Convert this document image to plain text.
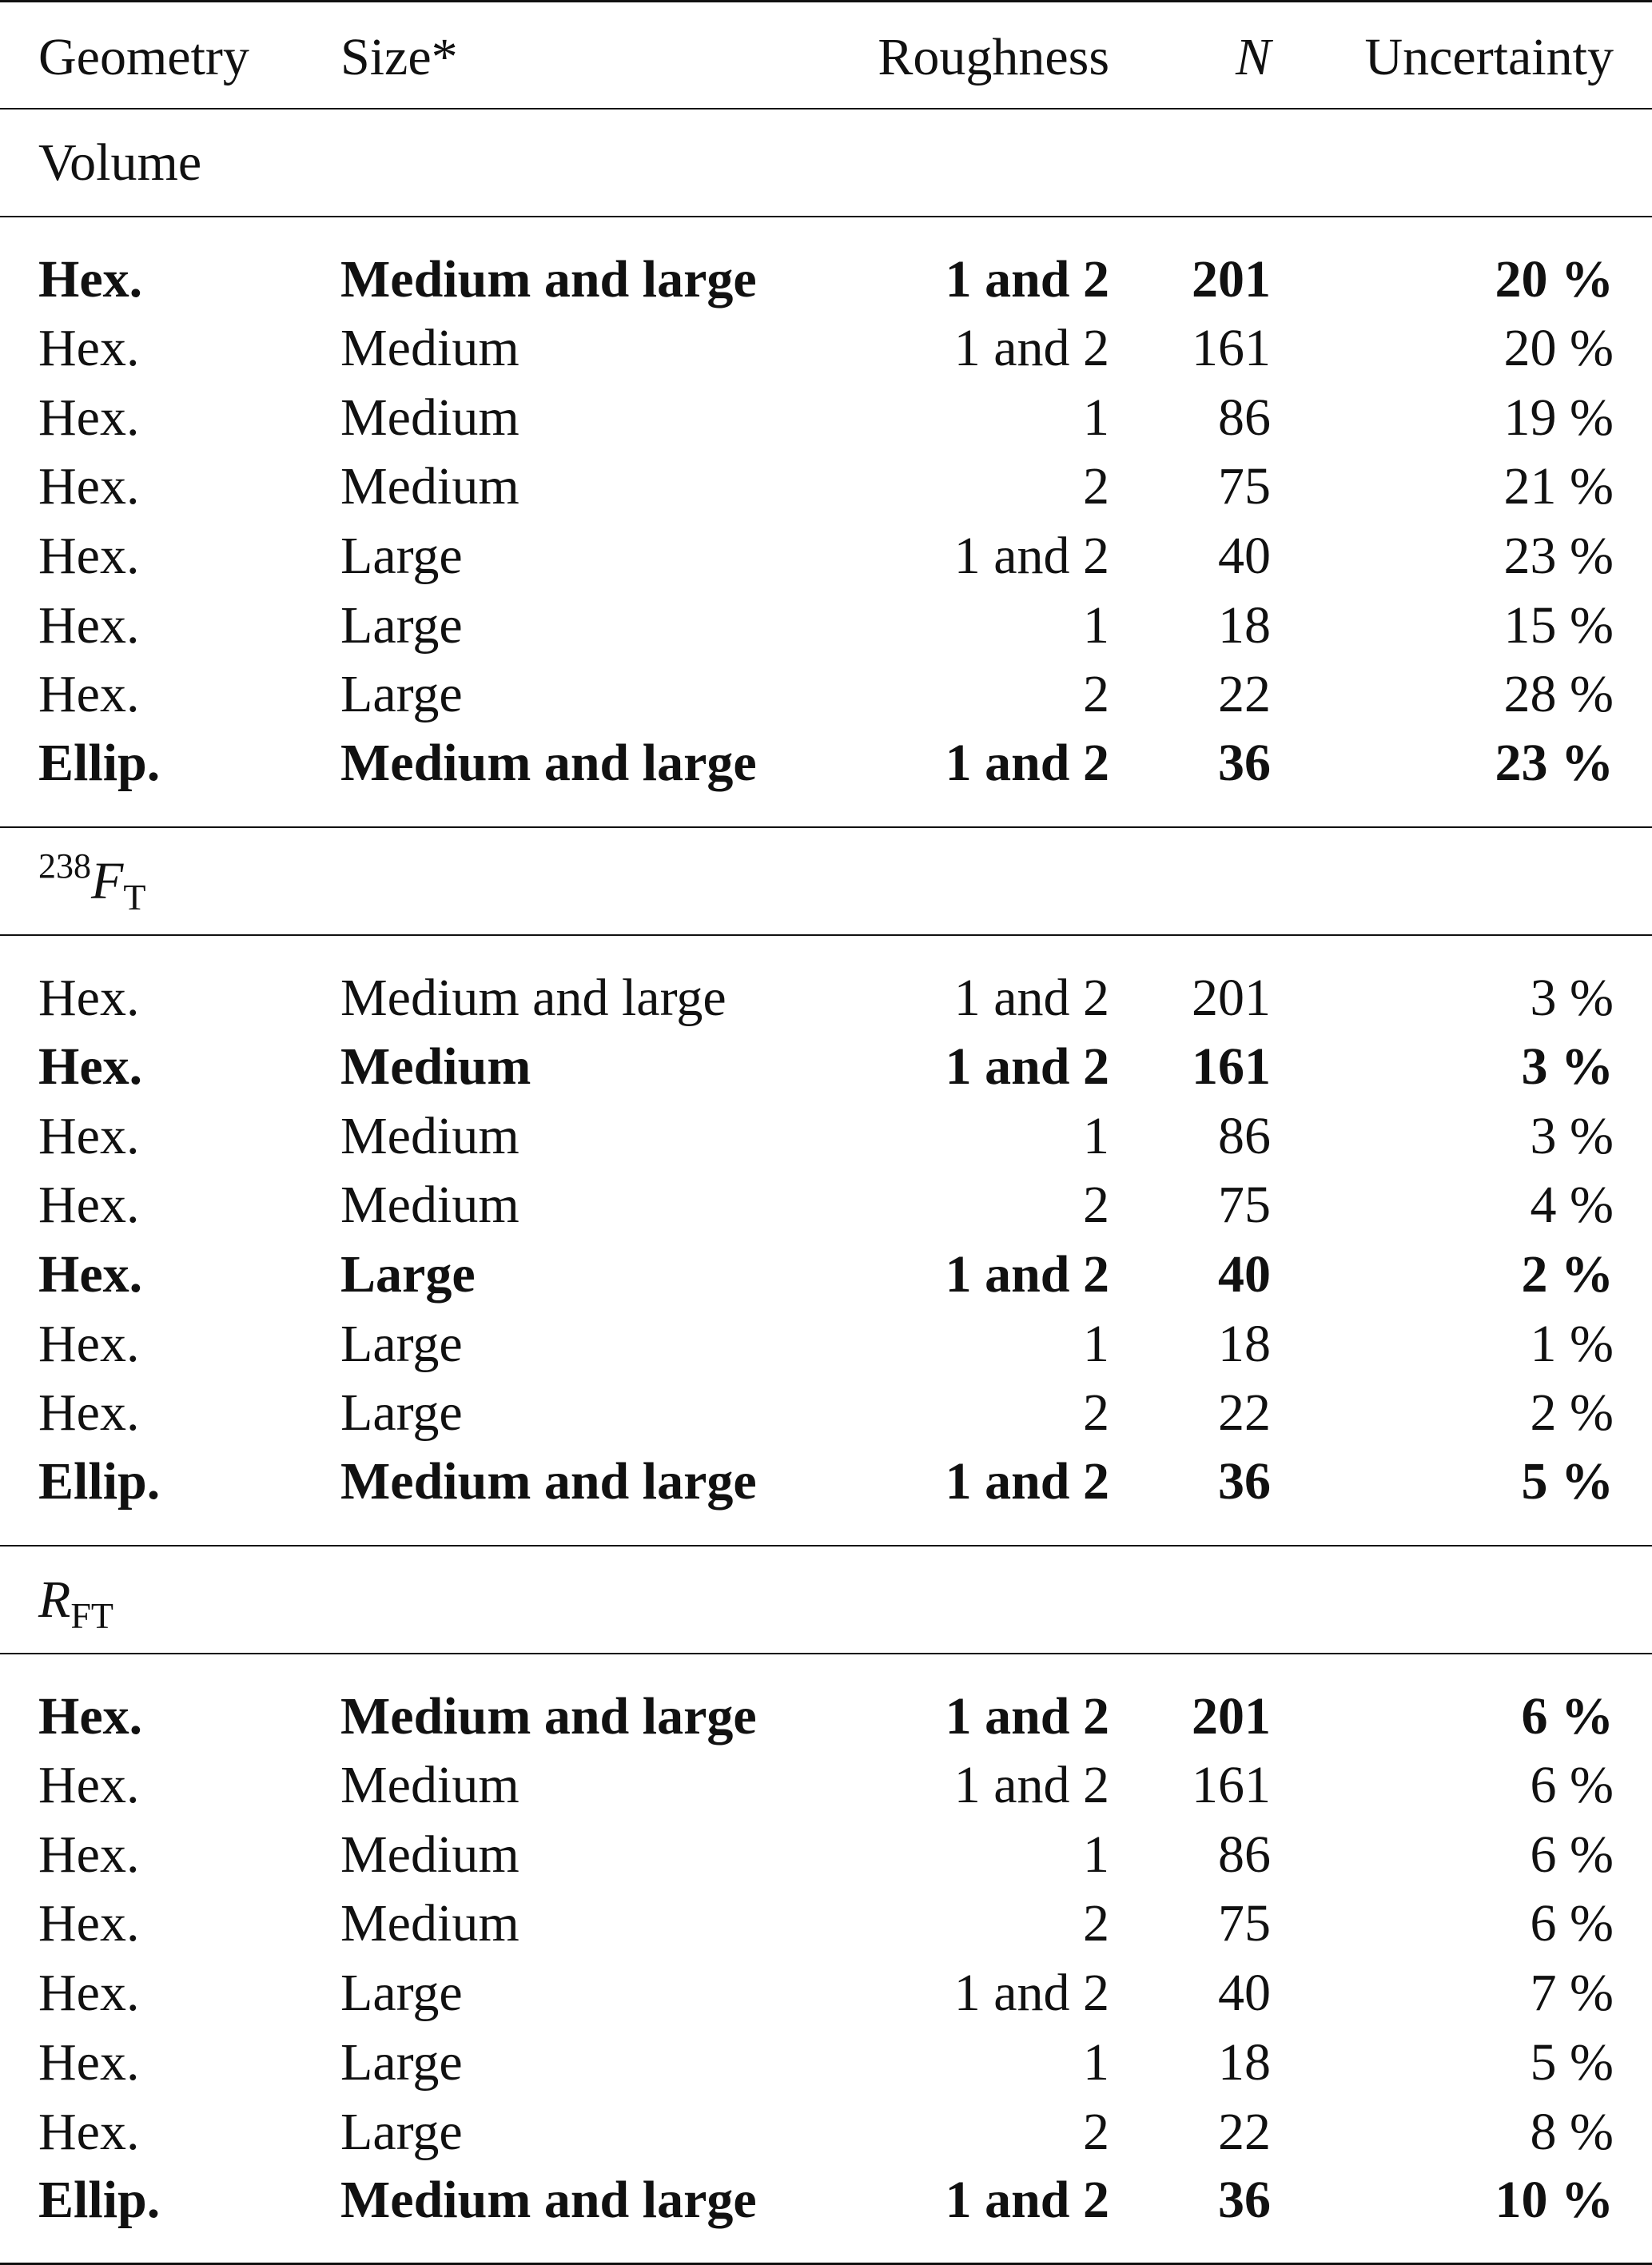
Geometry	Size*	Roughness	N	Uncertainty
Volume				
Hex.	Medium and large	1 and 2	201	20 %
Hex.	Medium	1 and 2	161	20 %
Hex.	Medium	1	86	19 %
Hex.	Medium	2	75	21 %
Hex.	Large	1 and 2	40	23 %
Hex.	Large	1	18	15 %
Hex.	Large	2	22	28 %
Ellip.	Medium and large	1 and 2	36	23 %
$^{238}F_T$
Hex.	Medium and large	1 and 2	201	3 %
Hex.	Medium	1 and 2	161	3 %
Hex.	Medium	1	86	3 %
Hex.	Medium	2	75	4 %
Hex.	Large	1 and 2	40	2 %
Hex.	Large	1	18	1 %
Hex.	Large	2	22	2 %
Ellip.	Medium and large	1 and 2	36	5 %
$R_{FT}$
Hex.	Medium and large	1 and 2	201	6 %
Hex.	Medium	1 and 2	161	6 %
Hex.	Medium	1	86	6 %
Hex.	Medium	2	75	6 %
Hex.	Large	1 and 2	40	7 %
Hex.	Large	1	18	5 %
Hex.	Large	2	22	8 %
Ellip.	Medium and large	1 and 2	36	10 %
